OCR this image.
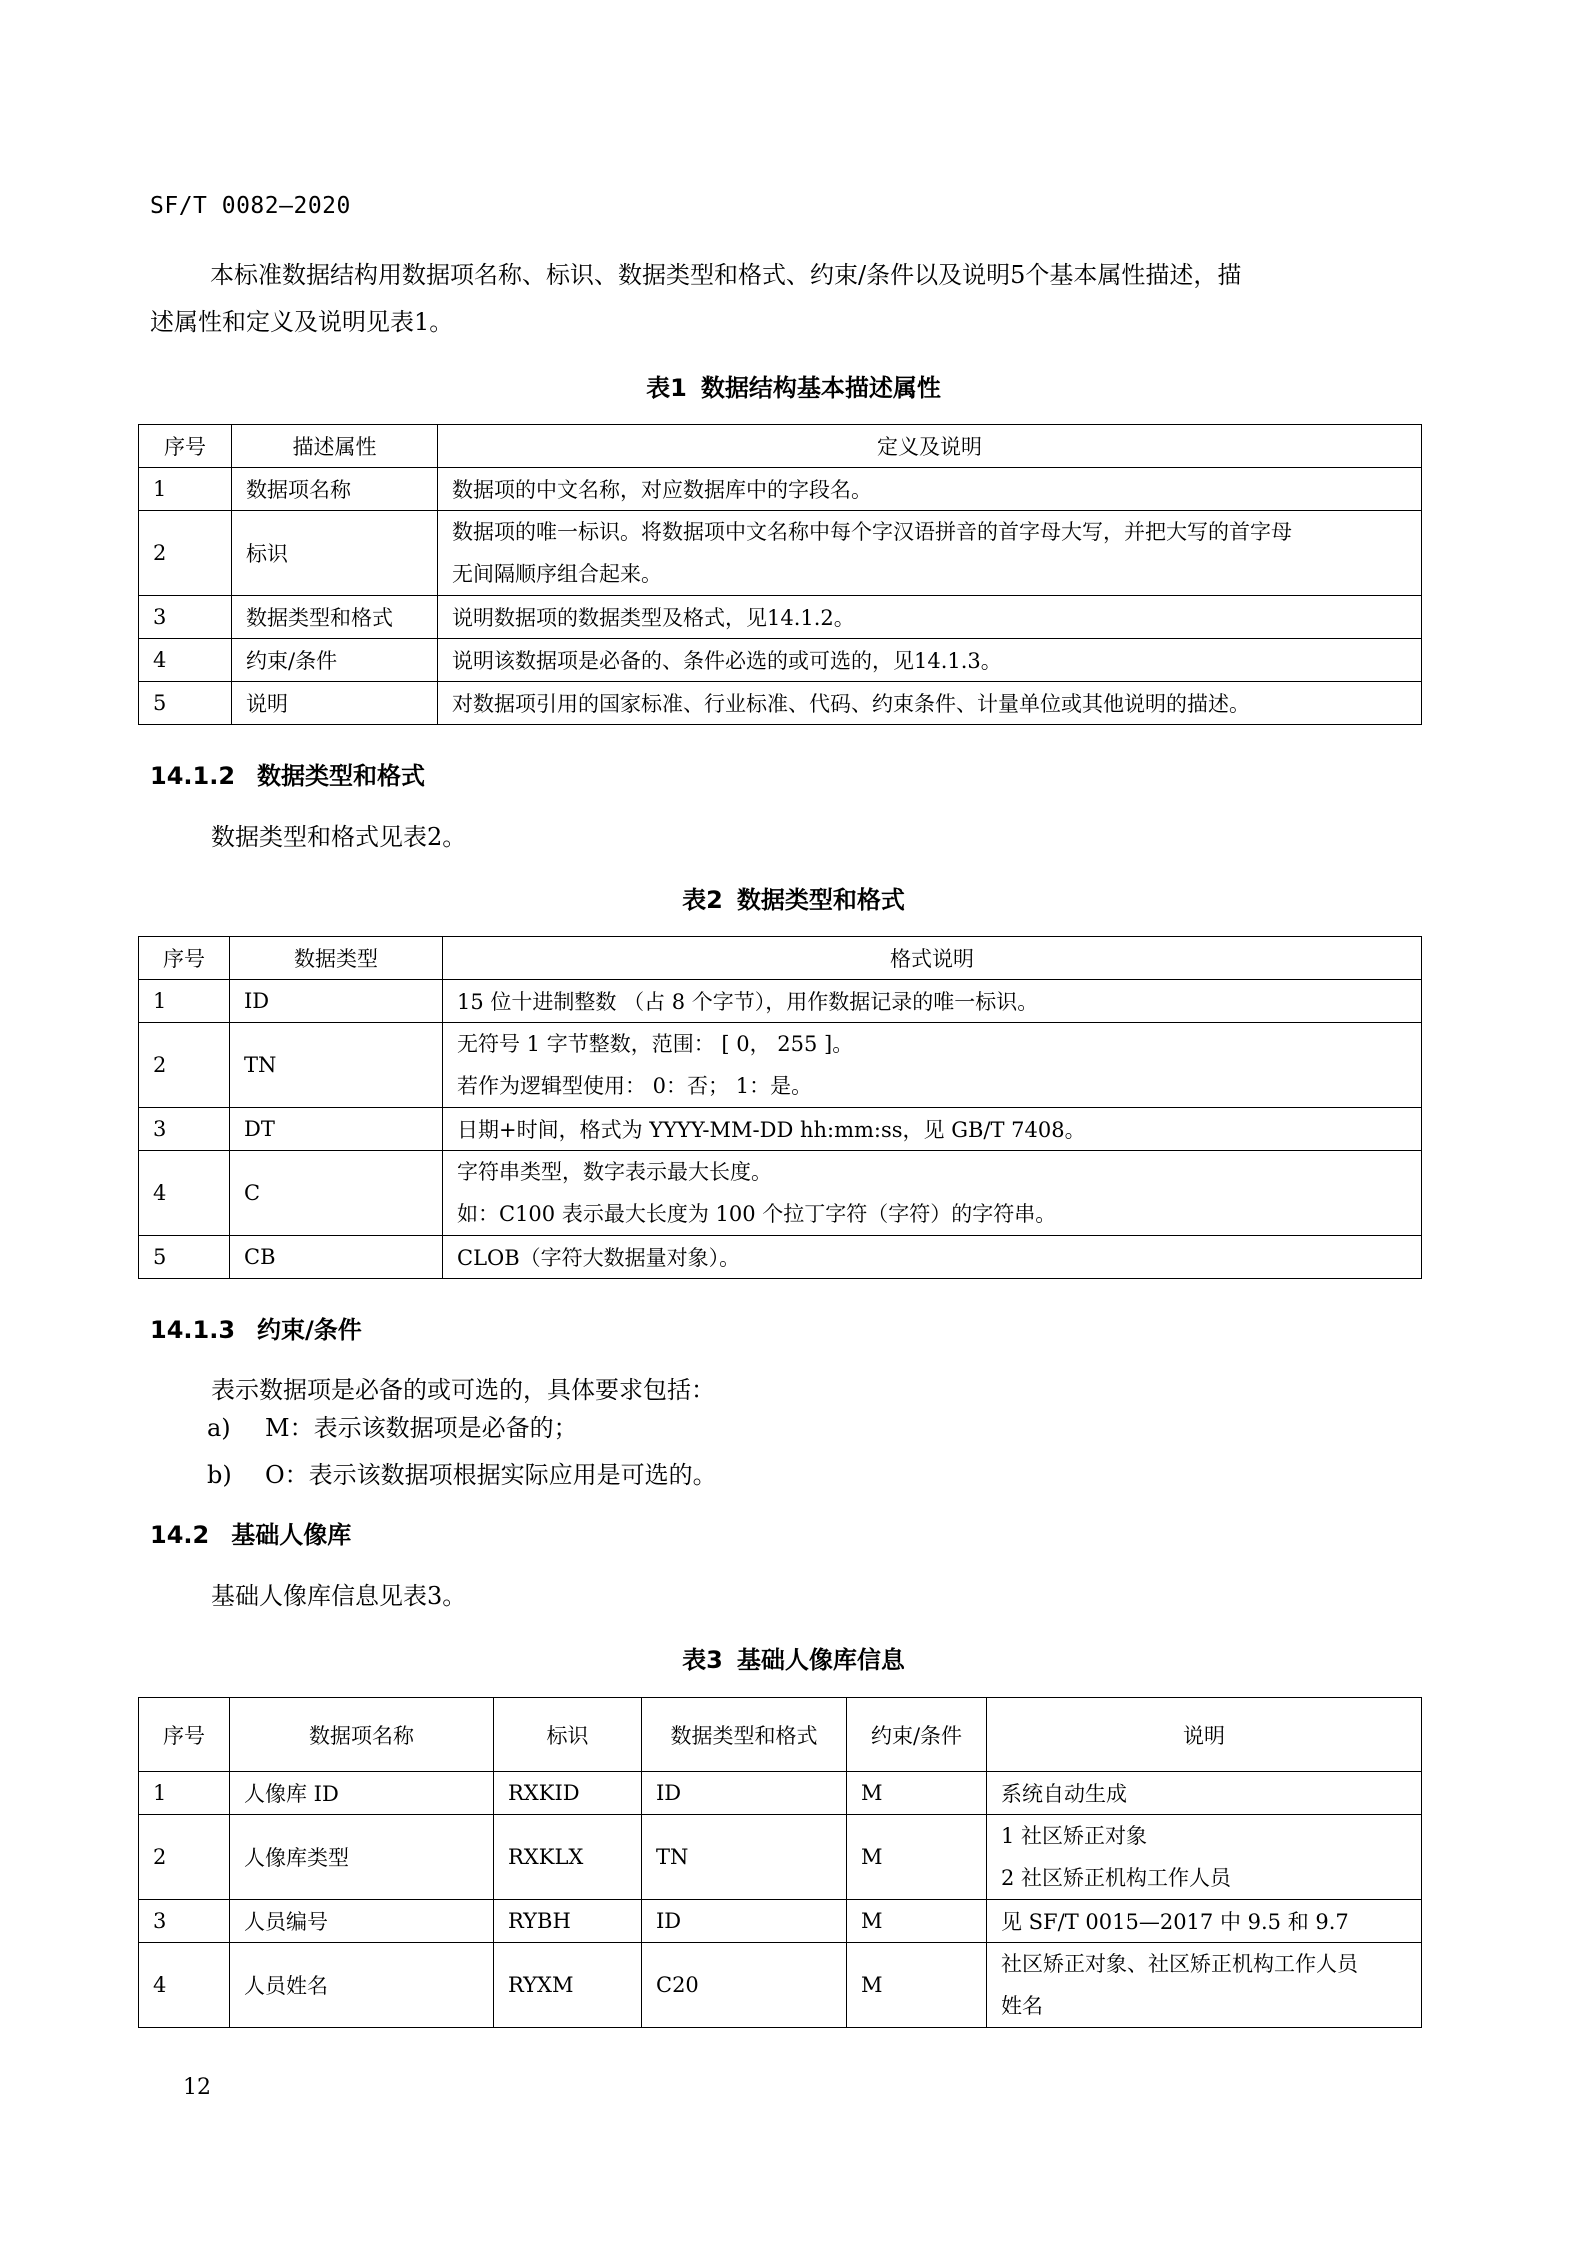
SF/T 0082—2020
本标准数据结构用数据项名称、标识、数据类型和格式、约束/条件以及说明5个基本属性描述，描
述属性和定义及说明见表1。
表1 数据结构基本描述属性
序号	描述属性	定义及说明
1	数据项名称	数据项的中文名称，对应数据库中的字段名。
2	标识	数据项的唯一标识。将数据项中文名称中每个字汉语拼音的首字母大写，并把大写的首字母
无间隔顺序组合起来。

3	数据类型和格式	说明数据项的数据类型及格式，见14.1.2。
4	约束/条件	说明该数据项是必备的、条件必选的或可选的，见14.1.3。
5	说明	对数据项引用的国家标准、行业标准、代码、约束条件、计量单位或其他说明的描述。
14.1.2 数据类型和格式
数据类型和格式见表2。
表2 数据类型和格式
序号	数据类型	格式说明
1	ID	15 位十进制整数 （占 8 个字节），用作数据记录的唯一标识。
2	TN	无符号 1 字节整数，范围： [ 0， 255 ]。
若作为逻辑型使用： 0：否； 1：是。

3	DT	日期+时间，格式为 YYYY-MM-DD hh:mm:ss，见 GB/T 7408。
4	C	字符串类型，数字表示最大长度。
如：C100 表示最大长度为 100 个拉丁字符（字符）的字符串。

5	CB	CLOB（字符大数据量对象）。
14.1.3 约束/条件
表示数据项是必备的或可选的，具体要求包括：
a) M：表示该数据项是必备的；
b) O：表示该数据项根据实际应用是可选的。
14.2 基础人像库
基础人像库信息见表3。
表3 基础人像库信息
序号	数据项名称	标识	数据类型和格式	约束/条件	说明
1	人像库 ID	RXKID	ID	M	系统自动生成
2	人像库类型	RXKLX	TN	M	1 社区矫正对象
2 社区矫正机构工作人员

3	人员编号	RYBH	ID	M	见 SF/T 0015—2017 中 9.5 和 9.7
4	人员姓名	RYXM	C20	M	社区矫正对象、社区矫正机构工作人员
姓名
12
